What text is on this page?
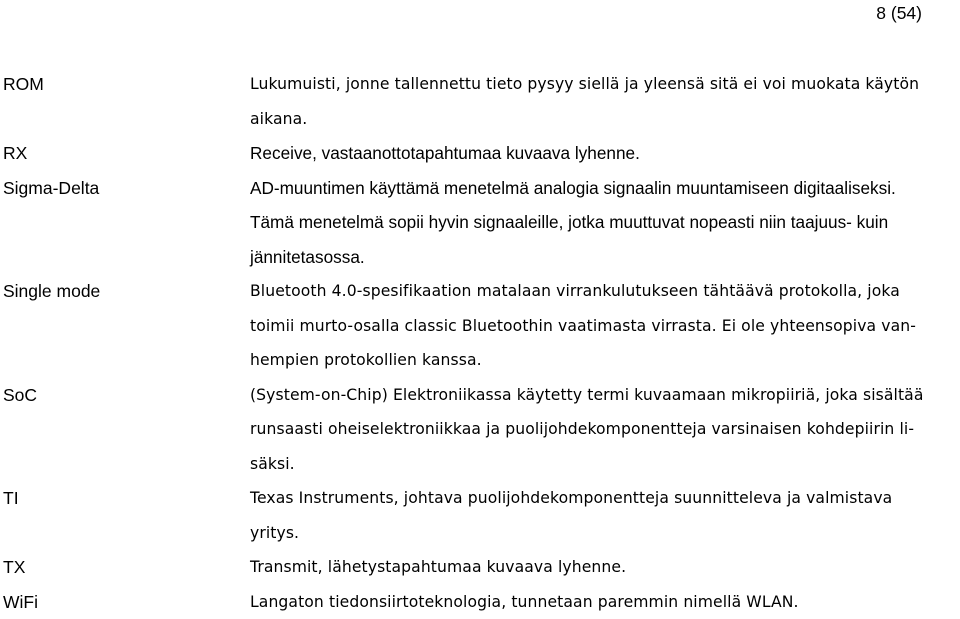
8 (54)
ROM	Lukumuisti, jonne tallennettu tieto pysyy siellä ja yleensä sitä ei voi muokata käytön
aikana.
RX	Receive, vastaanottotapahtumaa kuvaava lyhenne.
Sigma-Delta	AD-muuntimen käyttämä menetelmä analogia signaalin muuntamiseen digitaaliseksi.
Tämä menetelmä sopii hyvin signaaleille, jotka muuttuvat nopeasti niin taajuus- kuin
jännitetasossa.
Single mode	Bluetooth 4.0-spesifikaation matalaan virrankulutukseen tähtäävä protokolla, joka
toimii murto-osalla classic Bluetoothin vaatimasta virrasta. Ei ole yhteensopiva van-
hempien protokollien kanssa.
SoC	(System-on-Chip) Elektroniikassa käytetty termi kuvaamaan mikropiiriä, joka sisältää
runsaasti oheiselektroniikkaa ja puolijohdekomponentteja varsinaisen kohdepiirin li-
säksi.
TI	Texas Instruments, johtava puolijohdekomponentteja suunnitteleva ja valmistava
yritys.
TX	Transmit, lähetystapahtumaa kuvaava lyhenne.
WiFi	Langaton tiedonsiirtoteknologia, tunnetaan paremmin nimellä WLAN.
